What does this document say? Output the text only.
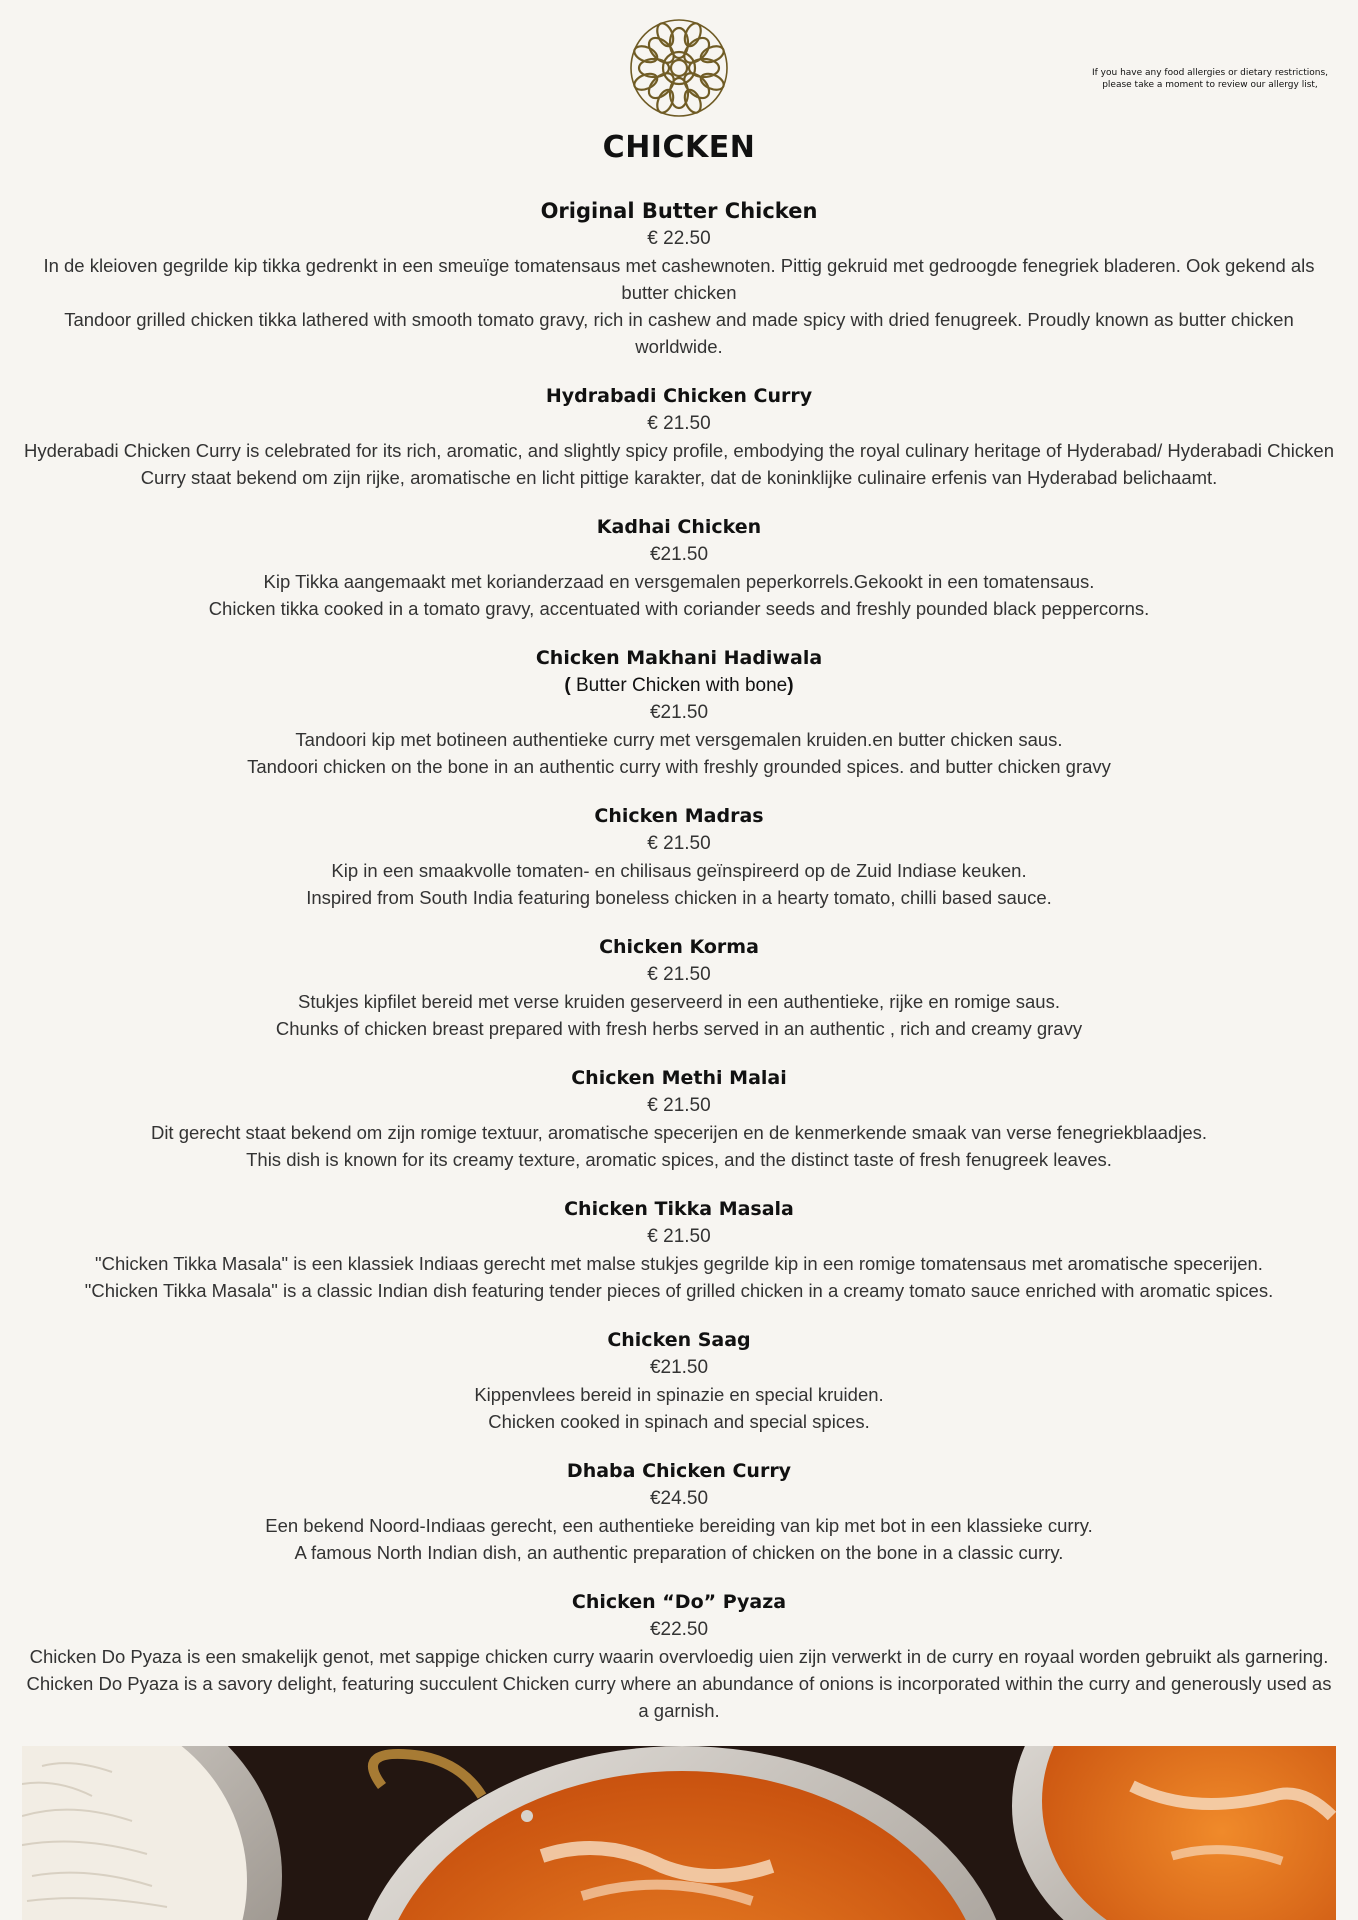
If you have any food allergies or dietary restrictions, please take a moment to review our allergy list,
CHICKEN
Original Butter Chicken
€ 22.50
In de kleioven gegrilde kip tikka gedrenkt in een smeuïge tomatensaus met cashewnoten. Pittig gekruid met gedroogde fenegriek bladeren. Ook gekend als butter chicken
Tandoor grilled chicken tikka lathered with smooth tomato gravy, rich in cashew and made spicy with dried fenugreek. Proudly known as butter chicken worldwide.
Hydrabadi Chicken Curry
€ 21.50
Hyderabadi Chicken Curry is celebrated for its rich, aromatic, and slightly spicy profile, embodying the royal culinary heritage of Hyderabad/ Hyderabadi Chicken Curry staat bekend om zijn rijke, aromatische en licht pittige karakter, dat de koninklijke culinaire erfenis van Hyderabad belichaamt.
Kadhai Chicken
€21.50
Kip Tikka aangemaakt met korianderzaad en versgemalen peperkorrels.Gekookt in een tomatensaus.
Chicken tikka cooked in a tomato gravy, accentuated with coriander seeds and freshly pounded black peppercorns.
Chicken Makhani Hadiwala
( Butter Chicken with bone)
€21.50
Tandoori kip met botineen authentieke curry met versgemalen kruiden.en butter chicken saus.
Tandoori chicken on the bone in an authentic curry with freshly grounded spices. and butter chicken gravy
Chicken Madras
€ 21.50
Kip in een smaakvolle tomaten- en chilisaus geïnspireerd op de Zuid Indiase keuken.
Inspired from South India featuring boneless chicken in a hearty tomato, chilli based sauce.
Chicken Korma
€ 21.50
Stukjes kipfilet bereid met verse kruiden geserveerd in een authentieke, rijke en romige saus.
Chunks of chicken breast prepared with fresh herbs served in an authentic , rich and creamy gravy
Chicken Methi Malai
€ 21.50
Dit gerecht staat bekend om zijn romige textuur, aromatische specerijen en de kenmerkende smaak van verse fenegriekblaadjes.
This dish is known for its creamy texture, aromatic spices, and the distinct taste of fresh fenugreek leaves.
Chicken Tikka Masala
€ 21.50
"Chicken Tikka Masala" is een klassiek Indiaas gerecht met malse stukjes gegrilde kip in een romige tomatensaus met aromatische specerijen.
"Chicken Tikka Masala" is a classic Indian dish featuring tender pieces of grilled chicken in a creamy tomato sauce enriched with aromatic spices.
Chicken Saag
€21.50
Kippenvlees bereid in spinazie en special kruiden.
Chicken cooked in spinach and special spices.
Dhaba Chicken Curry
€24.50
Een bekend Noord-Indiaas gerecht, een authentieke bereiding van kip met bot in een klassieke curry.
A famous North Indian dish, an authentic preparation of chicken on the bone in a classic curry.
Chicken “Do” Pyaza
€22.50
Chicken Do Pyaza is een smakelijk genot, met sappige chicken curry waarin overvloedig uien zijn verwerkt in de curry en royaal worden gebruikt als garnering.
Chicken Do Pyaza is a savory delight, featuring succulent Chicken curry where an abundance of onions is incorporated within the curry and generously used as a garnish.
